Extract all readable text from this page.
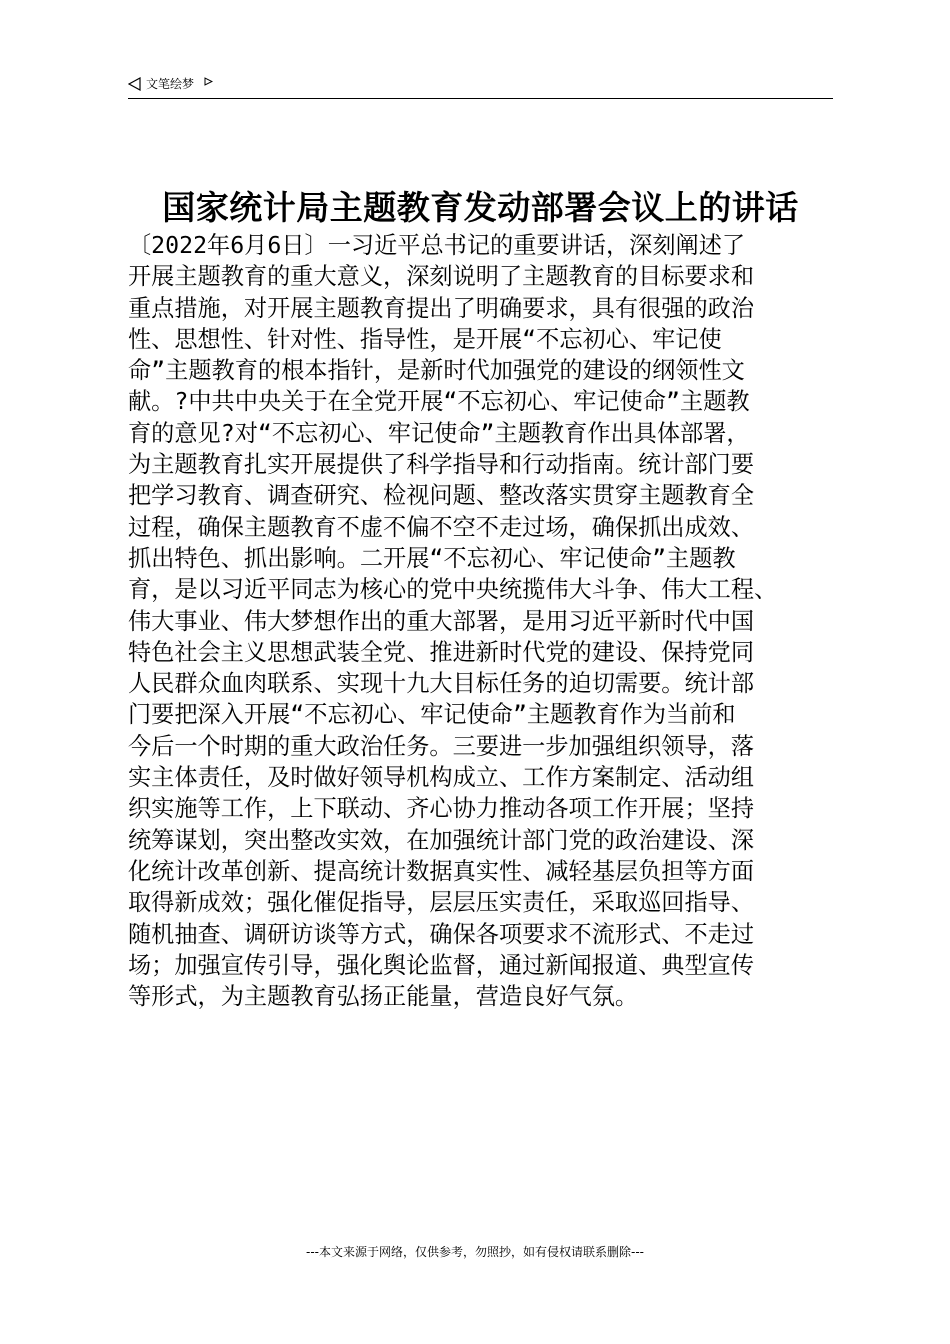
文笔绘梦
国家统计局主题教育发动部署会议上的讲话
〔2022年6月6日〕一习近平总书记的重要讲话，深刻阐述了
开展主题教育的重大意义，深刻说明了主题教育的目标要求和
重点措施，对开展主题教育提出了明确要求，具有很强的政治
性、思想性、针对性、指导性，是开展“不忘初心、牢记使
命”主题教育的根本指针，是新时代加强党的建设的纲领性文
献。?中共中央关于在全党开展“不忘初心、牢记使命”主题教
育的意见?对“不忘初心、牢记使命”主题教育作出具体部署，
为主题教育扎实开展提供了科学指导和行动指南。统计部门要
把学习教育、调查研究、检视问题、整改落实贯穿主题教育全
过程，确保主题教育不虚不偏不空不走过场，确保抓出成效、
抓出特色、抓出影响。二开展“不忘初心、牢记使命”主题教
育，是以习近平同志为核心的党中央统揽伟大斗争、伟大工程、
伟大事业、伟大梦想作出的重大部署，是用习近平新时代中国
特色社会主义思想武装全党、推进新时代党的建设、保持党同
人民群众血肉联系、实现十九大目标任务的迫切需要。统计部
门要把深入开展“不忘初心、牢记使命”主题教育作为当前和
今后一个时期的重大政治任务。三要进一步加强组织领导，落
实主体责任，及时做好领导机构成立、工作方案制定、活动组
织实施等工作，上下联动、齐心协力推动各项工作开展；坚持
统筹谋划，突出整改实效，在加强统计部门党的政治建设、深
化统计改革创新、提高统计数据真实性、减轻基层负担等方面
取得新成效；强化催促指导，层层压实责任，采取巡回指导、
随机抽查、调研访谈等方式，确保各项要求不流形式、不走过
场；加强宣传引导，强化舆论监督，通过新闻报道、典型宣传
等形式，为主题教育弘扬正能量，营造良好气氛。
---本文来源于网络，仅供参考，勿照抄，如有侵权请联系删除---
